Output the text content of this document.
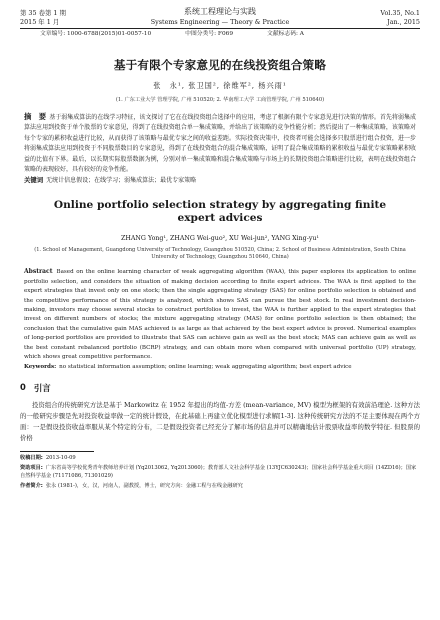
第 35 卷第 1 期	系统工程理论与实践	Vol.35, No.1
2015 年 1 月	Systems Engineering — Theory & Practice	Jan., 2015
文章编号: 1000-6788(2015)01-0057-10	中图分类号: F069	文献标志码: A
基于有限个专家意见的在线投资组合策略
张　永¹, 张卫国², 徐维军², 杨兴雨¹
(1. 广东工业大学 管理学院, 广州 510520; 2. 华南理工大学 工商管理学院, 广州 510640)
摘　要 基于弱集成算法的在线学习特征，该文探讨了它在在线投资组合选择中的应用，考虑了根据有限个专家意见进行决策的情形。首先将弱集成算法应用到投资于单个股票的专家意见，得到了在线投资组合单一集成策略，并给出了该策略的竞争性能分析；然后提出了一种集成策略，该策略对每个专家的累积收益进行比较，从而获得了该策略与最优专家之间的收益差距。实际投资决策中，投资者可能会选择多只股票进行组合投资，进一步将弱集成算法应用到投资于不同股票数目的专家意见，得到了在线投资组合的混合集成策略，证明了混合集成策略的累积收益与最优专家策略累积收益的比值有下界。最后，以长期实际股票数据为例，分别对单一集成策略和混合集成策略与市场上的长期投资组合策略进行比较，表明在线投资组合策略的表现较好，具有较好的竞争性能。
关键词 无统计信息假设；在线学习；弱集成算法；最优专家策略
Online portfolio selection strategy by aggregating finite expert advices
ZHANG Yong¹, ZHANG Wei-guo², XU Wei-jun², YANG Xing-yu¹
(1. School of Management, Guangdong University of Technology, Guangzhou 510520, China; 2. School of Business Administration, South China University of Technology, Guangzhou 510640, China)
Abstract Based on the online learning character of weak aggregating algorithm (WAA), this paper explores its application to online portfolio selection, and considers the situation of making decision according to finite expert advices. The WAA is first applied to the expert strategies that invest only on one stock; then the single aggregating strategy (SAS) for online portfolio selection is obtained and the competitive performance of this strategy is analyzed, which shows SAS can pursue the best stock. In real investment decision-making, investors may choose several stocks to construct portfolios to invest, the WAA is further applied to the expert strategies that invest on different numbers of stocks; the mixture aggregating strategy (MAS) for online portfolio selection is then obtained; the conclusion that the cumulative gain MAS achieved is as large as that achieved by the best expert advice is proved. Numerical examples of long-period portfolios are provided to illustrate that SAS can achieve gain as well as the best stock; MAS can achieve gain as well as the best constant rebalanced portfolio (BCRP) strategy, and can obtain more when compared with universal portfolio (UP) strategy, which shows great competitive performance.
Keywords: no statistical information assumption; online learning; weak aggregating algorithm; best expert advice
0 引言
投资组合的传统研究方法是基于 Markowitz 在 1952 年提出的均值-方差 (mean-variance, MV) 模型为框架的有效前沿理论. 这种方法的一般研究步骤是先对投资收益率做一定的统计假设，在此基础上再建立优化模型进行求解[1-3]. 这种传统研究方法的不足主要体现在两个方面：一是假设投资收益率服从某个特定的分布，二是假设投资者已经充分了解市场的信息并可以精确地估计股票收益率的数学特征. 但股票的价格
收稿日期: 2013-10-09
资助项目: 广东省高等学校优秀青年教师培养计划 (Yq2013062, Yq2013060)；教育部人文社会科学基金 (13YJC630243)；国家社会科学基金重大项目 (14ZD16)；国家自然科学基金 (71171086, 71301029)
作者简介: 张永 (1981-)，女，汉，河南人，副教授，博士，研究方向：金融工程与在线金融研究
